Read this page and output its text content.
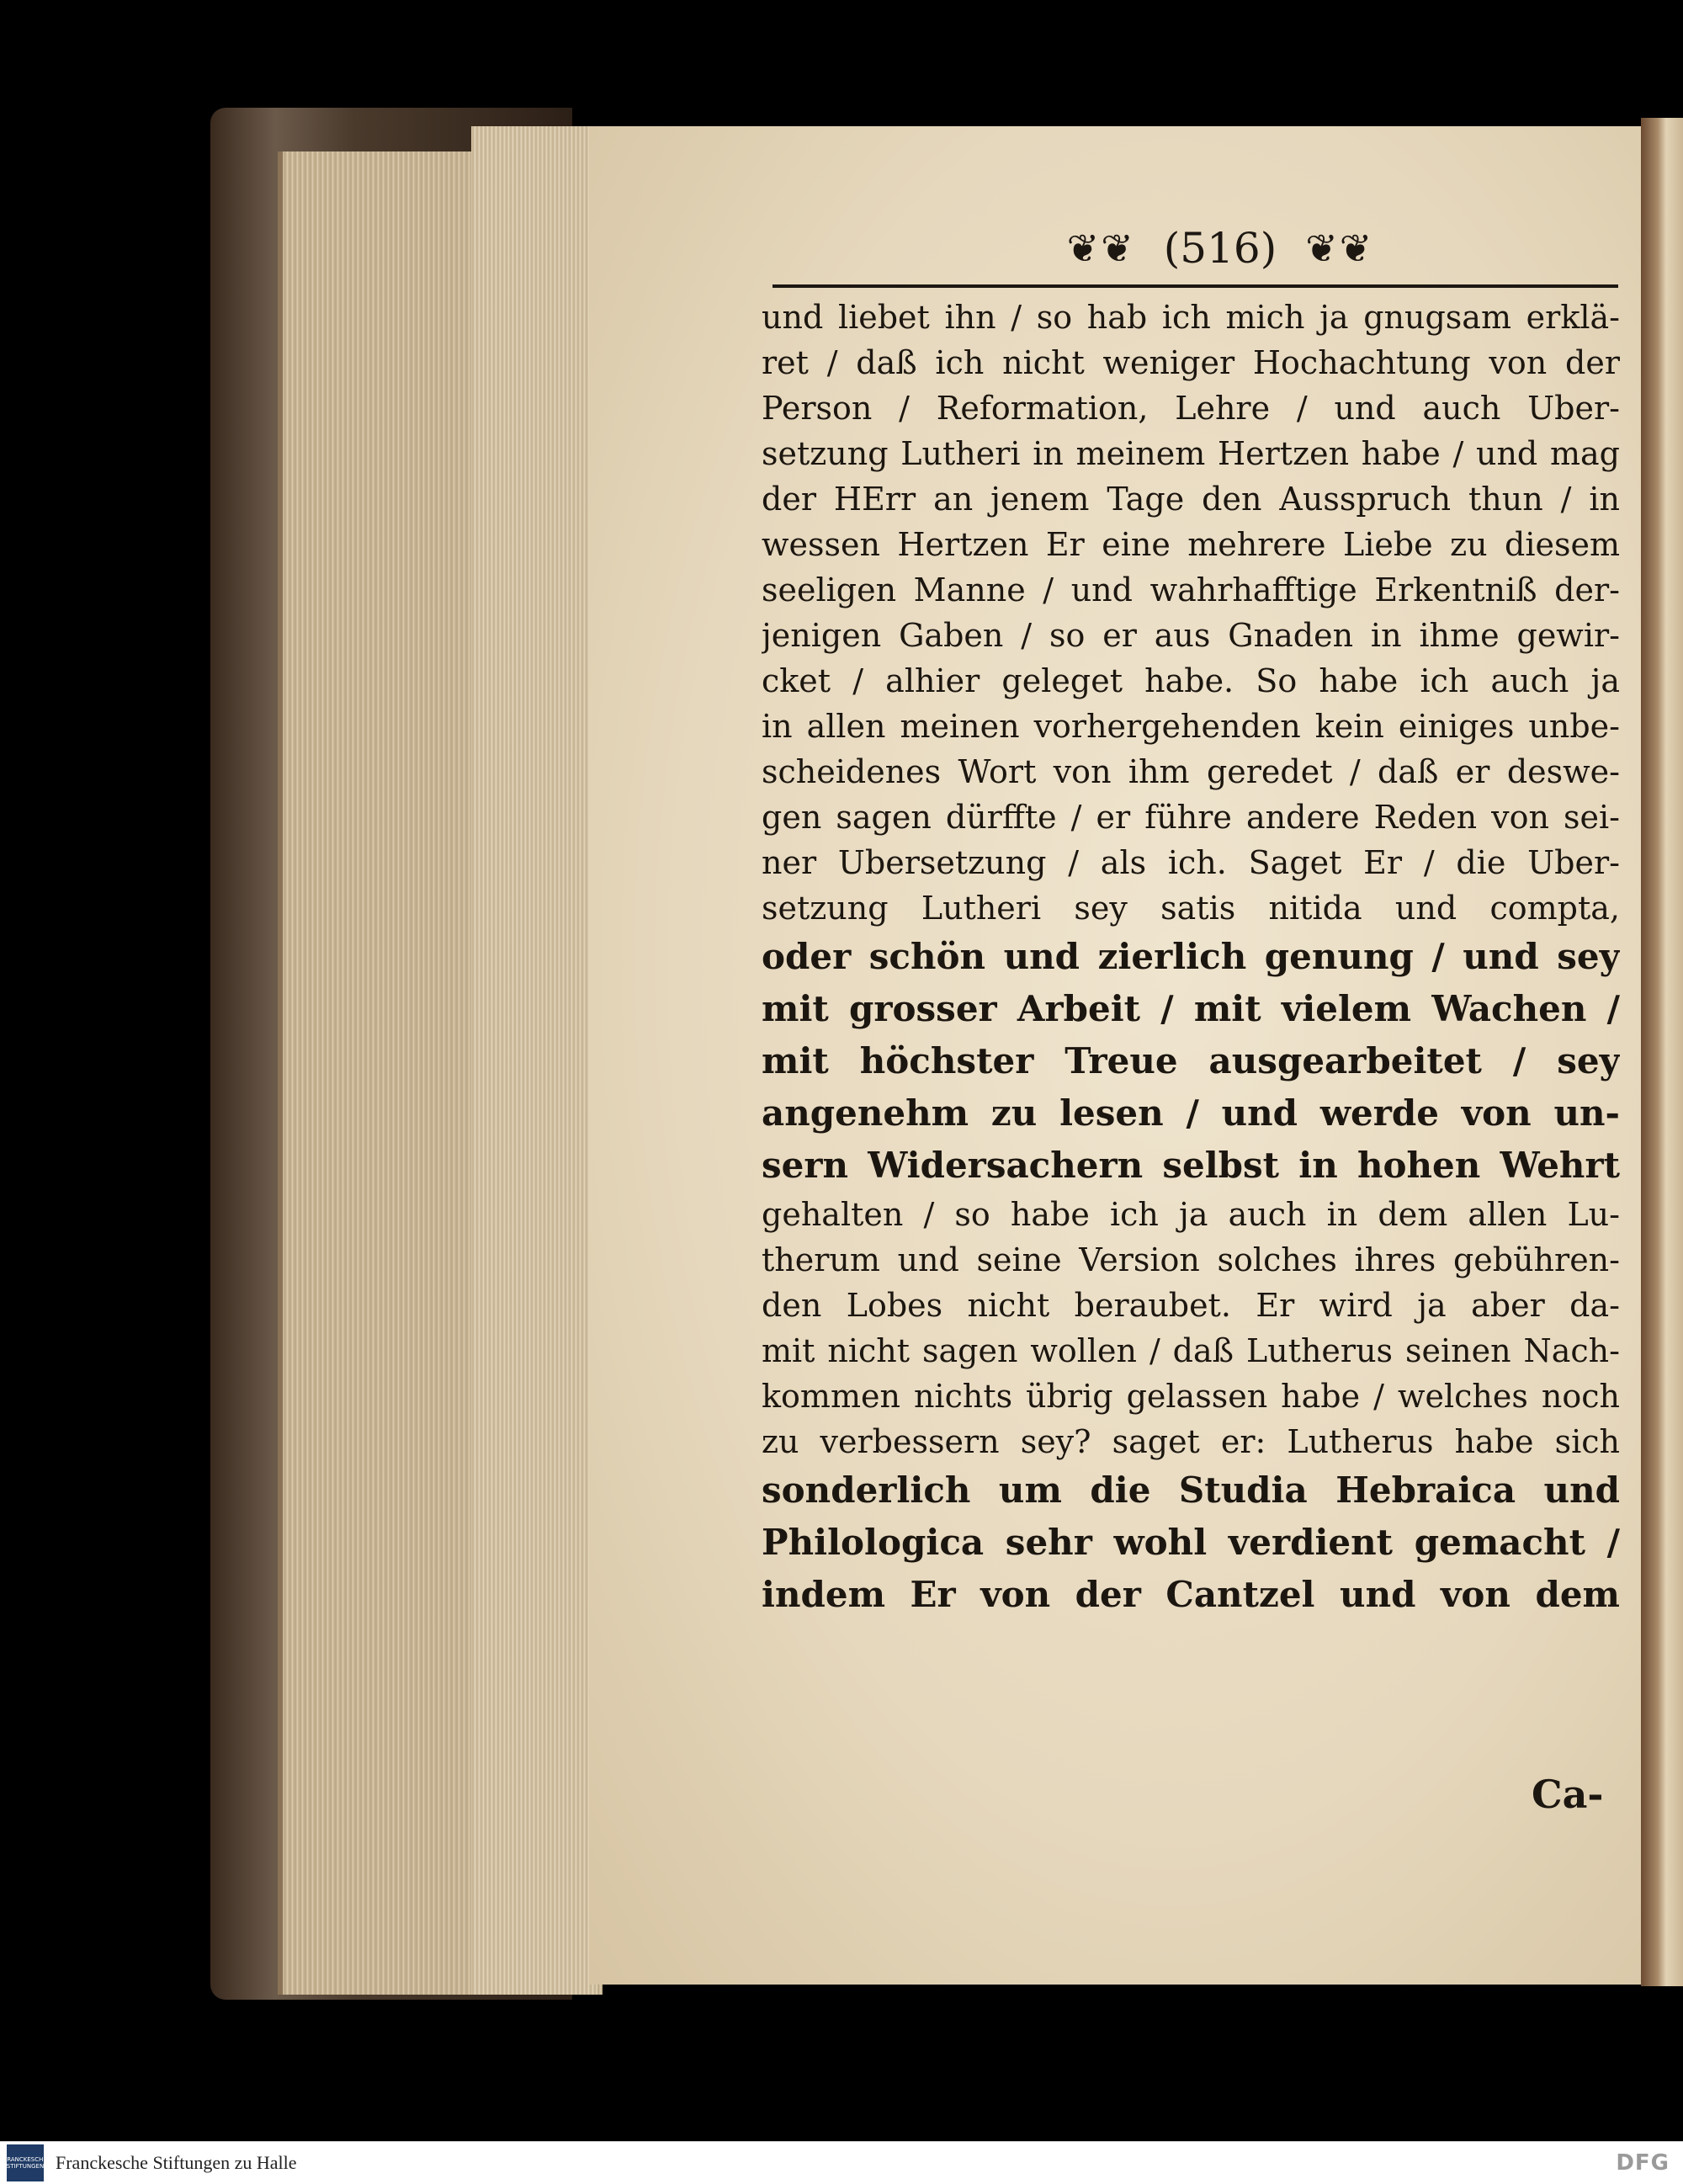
❦❦ (516) ❦❦
und liebet ihn / so hab ich mich ja gnugsam erklä-
ret / daß ich nicht weniger Hochachtung von der
Person / Reformation, Lehre / und auch Uber-
setzung Lutheri in meinem Hertzen habe / und mag
der HErr an jenem Tage den Ausspruch thun / in
wessen Hertzen Er eine mehrere Liebe zu diesem
seeligen Manne / und wahrhafftige Erkentniß der-
jenigen Gaben / so er aus Gnaden in ihme gewir-
cket / alhier geleget habe. So habe ich auch ja
in allen meinen vorhergehenden kein einiges unbe-
scheidenes Wort von ihm geredet / daß er deswe-
gen sagen dürffte / er führe andere Reden von sei-
ner Ubersetzung / als ich. Saget Er / die Uber-
setzung Lutheri sey satis nitida und compta,
oder schön und zierlich genung / und sey
mit grosser Arbeit / mit vielem Wachen /
mit höchster Treue ausgearbeitet / sey
angenehm zu lesen / und werde von un-
sern Widersachern selbst in hohen Wehrt
gehalten / so habe ich ja auch in dem allen Lu-
therum und seine Version solches ihres gebühren-
den Lobes nicht beraubet. Er wird ja aber da-
mit nicht sagen wollen / daß Lutherus seinen Nach-
kommen nichts übrig gelassen habe / welches noch
zu verbessern sey? saget er: Lutherus habe sich
sonderlich um die Studia Hebraica und
Philologica sehr wohl verdient gemacht /
indem Er von der Cantzel und von dem
Ca-
FRANCKESCHE STIFTUNGEN Franckesche Stiftungen zu Halle	DFG
